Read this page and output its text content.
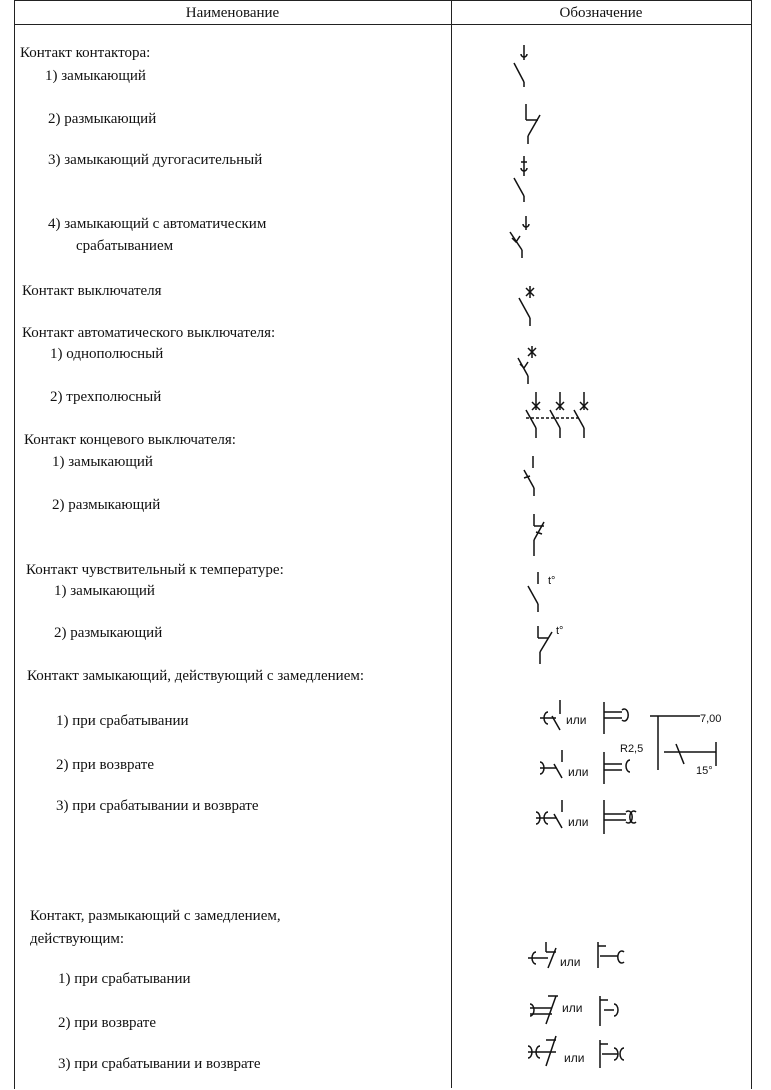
Наименование	Обозначение
Контакт контактора:
1) замыкающий
2) размыкающий
3) замыкающий дугогасительный
4) замыкающий с автоматическим
срабатыванием
Контакт выключателя
Контакт автоматического выключателя:
1) однополюсный
2) трехполюсный
Контакт концевого выключателя:
1) замыкающий
2) размыкающий
Контакт чувствительный к температуре:
1) замыкающий
2) размыкающий
Контакт замыкающий, действующий с замедлением:
1) при срабатывании
2) при возврате
3) при срабатывании и возврате
Контакт, размыкающий с замедлением,
действующим:
1) при срабатывании
2) при возврате
3) при срабатывании и возврате
t°
t°
или	7,00
R2,5
15°
или
или
или
или
или
